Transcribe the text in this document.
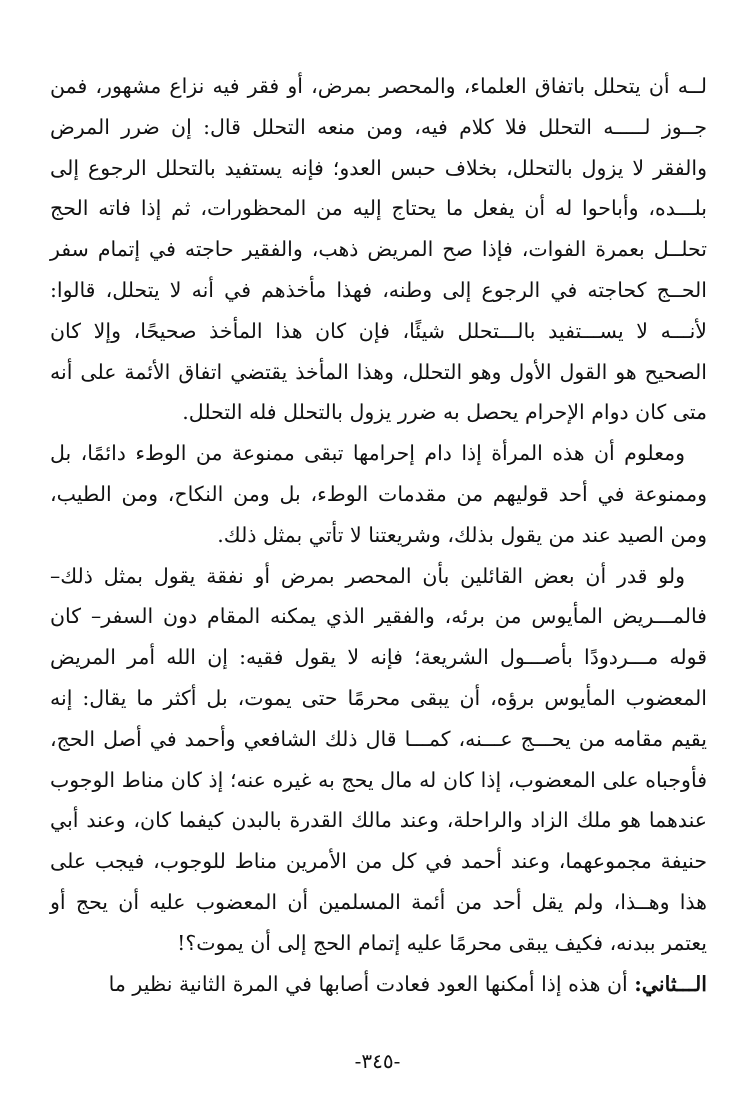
لــه أن يتحلل باتفاق العلماء، والمحصر بمرض، أو فقر فيه نزاع مشهور، فمن جــوز لـــــه التحلل فلا كلام فيه، ومن منعه التحلل قال: إن ضرر المرض والفقر لا يزول بالتحلل، بخلاف حبس العدو؛ فإنه يستفيد بالتحلل الرجوع إلى بلـــده، وأباحوا له أن يفعل ما يحتاج إليه من المحظورات، ثم إذا فاته الحج تحلــل بعمرة الفوات، فإذا صح المريض ذهب، والفقير حاجته في إتمام سفر الحــج كحاجته في الرجوع إلى وطنه، فهذا مأخذهم في أنه لا يتحلل، قالوا: لأنـــه لا يســـتفيد بالـــتحلل شيئًا، فإن كان هذا المأخذ صحيحًا، وإلا كان الصحيح هو القول الأول وهو التحلل، وهذا المأخذ يقتضي اتفاق الأئمة على أنه متى كان دوام الإحرام يحصل به ضرر يزول بالتحلل فله التحلل.

ومعلوم أن هذه المرأة إذا دام إحرامها تبقى ممنوعة من الوطء دائمًا، بل وممنوعة في أحد قوليهم من مقدمات الوطء، بل ومن النكاح، ومن الطيب، ومن الصيد عند من يقول بذلك، وشريعتنا لا تأتي بمثل ذلك.

ولو قدر أن بعض القائلين بأن المحصر بمرض أو نفقة يقول بمثل ذلك– فالمـــريض المأيوس من برئه، والفقير الذي يمكنه المقام دون السفر– كان قوله مـــردودًا بأصـــول الشريعة؛ فإنه لا يقول فقيه: إن الله أمر المريض المعضوب المأيوس برؤه، أن يبقى محرمًا حتى يموت، بل أكثر ما يقال: إنه يقيم مقامه من يحـــج عـــنه، كمـــا قال ذلك الشافعي وأحمد في أصل الحج، فأوجباه على المعضوب، إذا كان له مال يحج به غيره عنه؛ إذ كان مناط الوجوب عندهما هو ملك الزاد والراحلة، وعند مالك القدرة بالبدن كيفما كان، وعند أبي حنيفة مجموعهما، وعند أحمد في كل من الأمرين مناط للوجوب، فيجب على هذا وهــذا، ولم يقل أحد من أئمة المسلمين أن المعضوب عليه أن يحج أو يعتمر ببدنه، فكيف يبقى محرمًا عليه إتمام الحج إلى أن يموت؟!

الـــثاني: أن هذه إذا أمكنها العود فعادت أصابها في المرة الثانية نظير ما

-٣٤٥-
